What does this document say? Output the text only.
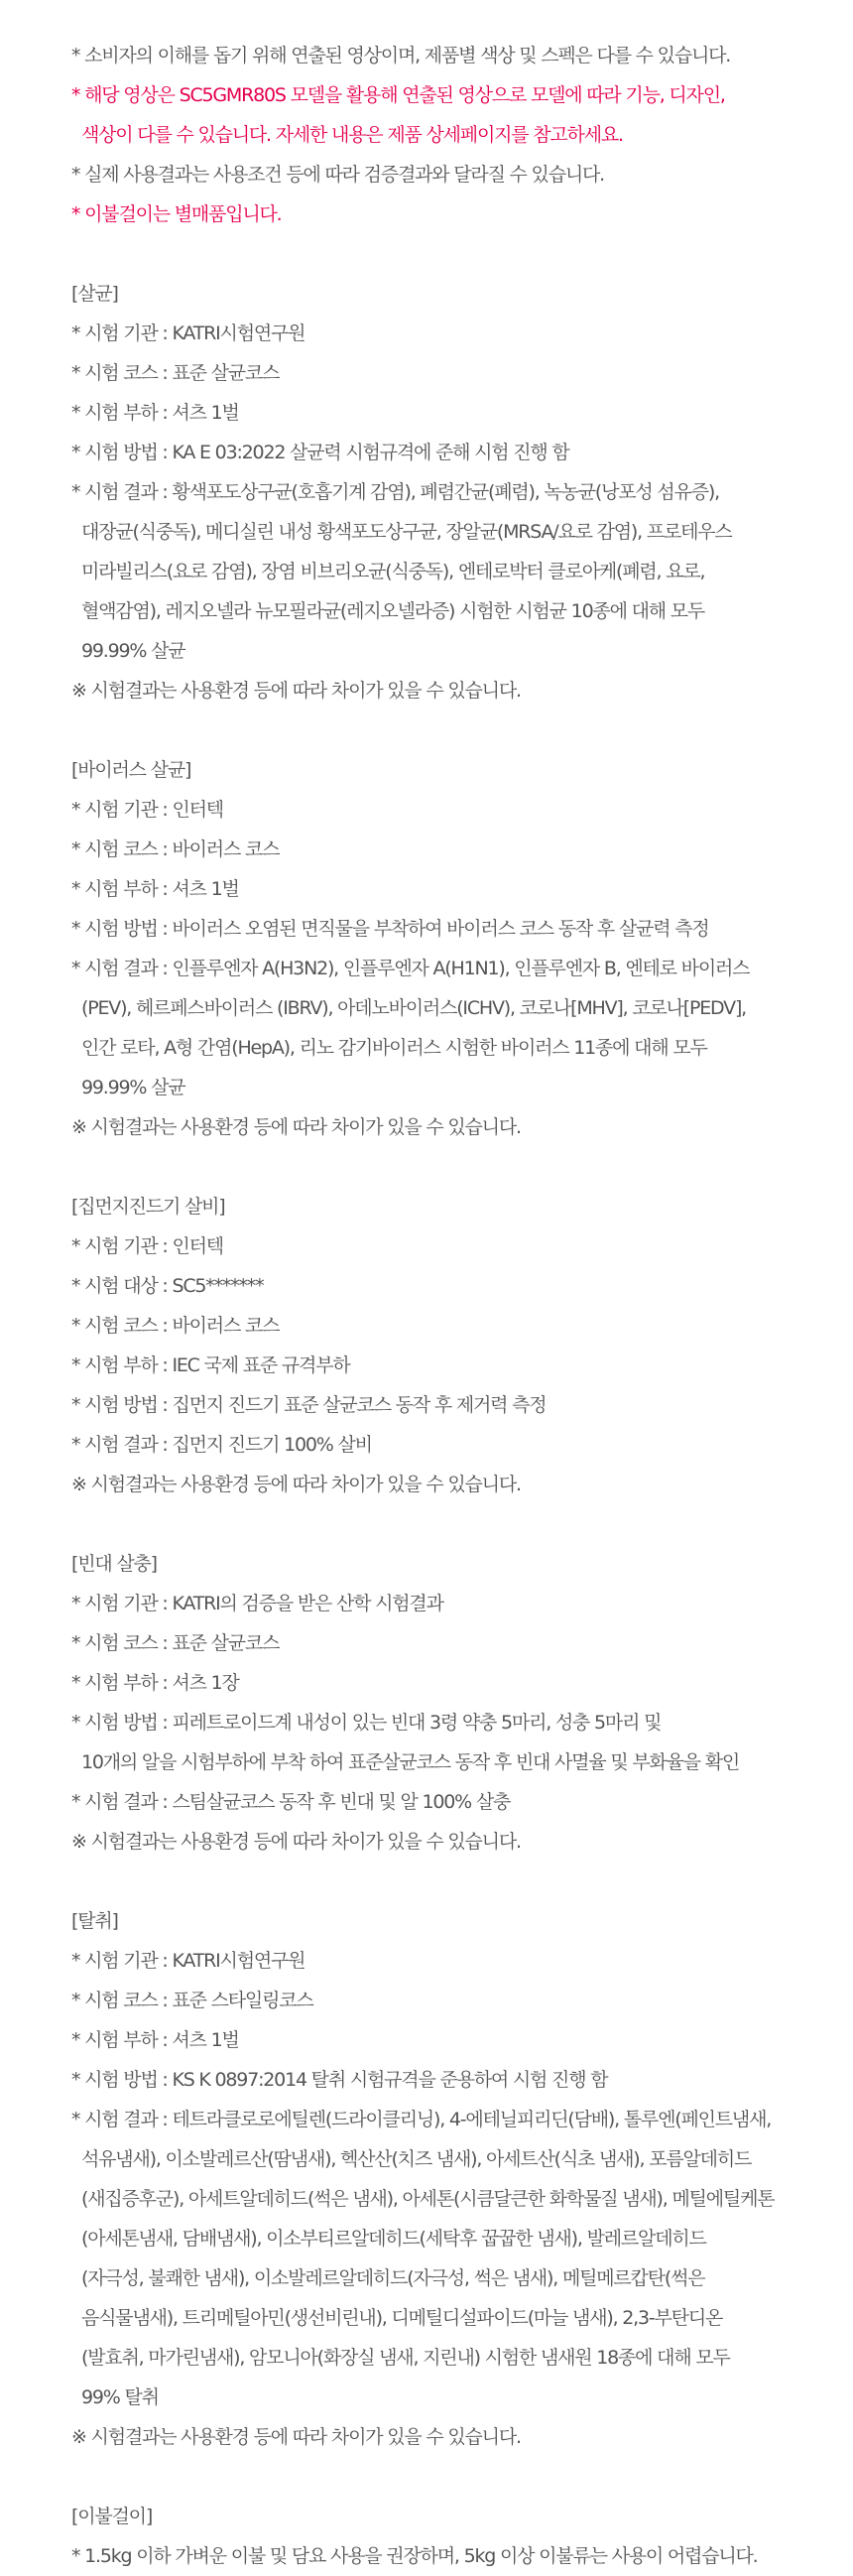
* 소비자의 이해를 돕기 위해 연출된 영상이며, 제품별 색상 및 스펙은 다를 수 있습니다.
* 해당 영상은 SC5GMR80S 모델을 활용해 연출된 영상으로 모델에 따라 기능, 디자인,
색상이 다를 수 있습니다. 자세한 내용은 제품 상세페이지를 참고하세요.
* 실제 사용결과는 사용조건 등에 따라 검증결과와 달라질 수 있습니다.
* 이불걸이는 별매품입니다.
[살균]
* 시험 기관 : KATRI시험연구원
* 시험 코스 : 표준 살균코스
* 시험 부하 : 셔츠 1벌
* 시험 방법 : KA E 03:2022 살균력 시험규격에 준해 시험 진행 함
* 시험 결과 : 황색포도상구균(호흡기계 감염), 폐렴간균(폐렴), 녹농균(낭포성 섬유증),
대장균(식중독), 메디실린 내성 황색포도상구균, 장알균(MRSA/요로 감염), 프로테우스
미라빌리스(요로 감염), 장염 비브리오균(식중독), 엔테로박터 클로아케(폐렴, 요로,
혈액감염), 레지오넬라 뉴모필라균(레지오넬라증) 시험한 시험균 10종에 대해 모두
99.99% 살균
※ 시험결과는 사용환경 등에 따라 차이가 있을 수 있습니다.
[바이러스 살균]
* 시험 기관 : 인터텍
* 시험 코스 : 바이러스 코스
* 시험 부하 : 셔츠 1벌
* 시험 방법 : 바이러스 오염된 면직물을 부착하여 바이러스 코스 동작 후 살균력 측정
* 시험 결과 : 인플루엔자 A(H3N2), 인플루엔자 A(H1N1), 인플루엔자 B, 엔테로 바이러스
(PEV), 헤르페스바이러스 (IBRV), 아데노바이러스(ICHV), 코로나[MHV], 코로나[PEDV],
인간 로타, A형 간염(HepA), 리노 감기바이러스 시험한 바이러스 11종에 대해 모두
99.99% 살균
※ 시험결과는 사용환경 등에 따라 차이가 있을 수 있습니다.
[집먼지진드기 살비]
* 시험 기관 : 인터텍
* 시험 대상 : SC5*******
* 시험 코스 : 바이러스 코스
* 시험 부하 : IEC 국제 표준 규격부하
* 시험 방법 : 집먼지 진드기 표준 살균코스 동작 후 제거력 측정
* 시험 결과 : 집먼지 진드기 100% 살비
※ 시험결과는 사용환경 등에 따라 차이가 있을 수 있습니다.
[빈대 살충]
* 시험 기관 : KATRI의 검증을 받은 산학 시험결과
* 시험 코스 : 표준 살균코스
* 시험 부하 : 셔츠 1장
* 시험 방법 : 피레트로이드계 내성이 있는 빈대 3령 약충 5마리, 성충 5마리 및
10개의 알을 시험부하에 부착 하여 표준살균코스 동작 후 빈대 사멸율 및 부화율을 확인
* 시험 결과 : 스팀살균코스 동작 후 빈대 및 알 100% 살충
※ 시험결과는 사용환경 등에 따라 차이가 있을 수 있습니다.
[탈취]
* 시험 기관 : KATRI시험연구원
* 시험 코스 : 표준 스타일링코스
* 시험 부하 : 셔츠 1벌
* 시험 방법 : KS K 0897:2014 탈취 시험규격을 준용하여 시험 진행 함
* 시험 결과 : 테트라클로로에틸렌(드라이클리닝), 4-에테닐피리딘(담배), 톨루엔(페인트냄새,
석유냄새), 이소발레르산(땀냄새), 헥산산(치즈 냄새), 아세트산(식초 냄새), 포름알데히드
(새집증후군), 아세트알데히드(썩은 냄새), 아세톤(시큼달큰한 화학물질 냄새), 메틸에틸케톤
(아세톤냄새, 담배냄새), 이소부티르알데히드(세탁후 꿉꿉한 냄새), 발레르알데히드
(자극성, 불쾌한 냄새), 이소발레르알데히드(자극성, 썩은 냄새), 메틸메르캅탄(썩은
음식물냄새), 트리메틸아민(생선비린내), 디메틸디설파이드(마늘 냄새), 2,3-부탄디온
(발효취, 마가린냄새), 암모니아(화장실 냄새, 지린내) 시험한 냄새원 18종에 대해 모두
99% 탈취
※ 시험결과는 사용환경 등에 따라 차이가 있을 수 있습니다.
[이불걸이]
* 1.5kg 이하 가벼운 이불 및 담요 사용을 권장하며, 5kg 이상 이불류는 사용이 어렵습니다.
